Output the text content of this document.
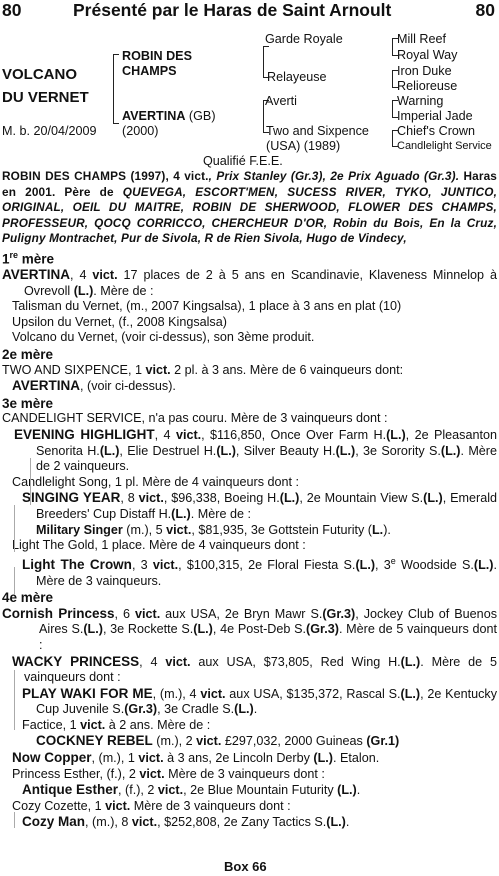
80	Présenté par le Haras de Saint Arnoult	80
VOLCANO
DU VERNET
M. b. 20/04/2009
ROBIN DES CHAMPS
AVERTINA (GB)
(2000)
Garde Royale
Relayeuse
Averti
Two and Sixpence
(USA) (1989)
Mill Reef
Royal Way
Iron Duke
Relioreuse
Warning
Imperial Jade
Chief's Crown
Candlelight Service
Qualifié F.E.E.

ROBIN DES CHAMPS (1997), 4 vict., Prix Stanley (Gr.3), 2e Prix Aguado (Gr.3). Haras en 2001. Père de QUEVEGA, ESCORT'MEN, SUCESS RIVER, TYKO, JUNTICO, ORIGINAL, OEIL DU MAITRE, ROBIN DE SHERWOOD, FLOWER DES CHAMPS, PROFESSEUR, QOCQ CORRICCO, CHERCHEUR D'OR, Robin du Bois, En la Cruz, Puligny Montrachet, Pur de Sivola, R de Rien Sivola, Hugo de Vindecy,

1re mère

AVERTINA, 4 vict. 17 places de 2 à 5 ans en Scandinavie, Klaveness Minnelop à Ovrevoll (L.). Mère de :

Talisman du Vernet, (m., 2007 Kingsalsa), 1 place à 3 ans en plat (10)

Upsilon du Vernet, (f., 2008 Kingsalsa)

Volcano du Vernet, (voir ci-dessus), son 3ème produit.

2e mère

TWO AND SIXPENCE, 1 vict. 2 pl. à 3 ans. Mère de 6 vainqueurs dont:

AVERTINA, (voir ci-dessus).

3e mère

CANDELIGHT SERVICE, n'a pas couru. Mère de 3 vainqueurs dont :

EVENING HIGHLIGHT, 4 vict., $116,850, Once Over Farm H.(L.), 2e Pleasanton Senorita H.(L.), Elie Destruel H.(L.), Silver Beauty H.(L.), 3e Sorority S.(L.). Mère de 2 vainqueurs.

Candlelight Song, 1 pl. Mère de 4 vainqueurs dont :

SINGING YEAR, 8 vict., $96,338, Boeing H.(L.), 2e Mountain View S.(L.), Emerald Breeders' Cup Distaff H.(L.). Mère de :

Military Singer (m.), 5 vict., $81,935, 3e Gottstein Futurity (L.).

Light The Gold, 1 place. Mère de 4 vainqueurs dont :

Light The Crown, 3 vict., $100,315, 2e Floral Fiesta S.(L.), 3e Woodside S.(L.). Mère de 3 vainqueurs.

4e mère

Cornish Princess, 6 vict. aux USA, 2e Bryn Mawr S.(Gr.3), Jockey Club of Buenos Aires S.(L.), 3e Rockette S.(L.), 4e Post-Deb S.(Gr.3). Mère de 5 vainqueurs dont :

WACKY PRINCESS, 4 vict. aux USA, $73,805, Red Wing H.(L.). Mère de 5 vainqueurs dont :

PLAY WAKI FOR ME, (m.), 4 vict. aux USA, $135,372, Rascal S.(L.), 2e Kentucky Cup Juvenile S.(Gr.3), 3e Cradle S.(L.).

Factice, 1 vict. à 2 ans. Mère de :

COCKNEY REBEL (m.), 2 vict. £297,032, 2000 Guineas (Gr.1)

Now Copper, (m.), 1 vict. à 3 ans, 2e Lincoln Derby (L.). Etalon.

Princess Esther, (f.), 2 vict. Mère de 3 vainqueurs dont :

Antique Esther, (f.), 2 vict., 2e Blue Mountain Futurity (L.).

Cozy Cozette, 1 vict. Mère de 3 vainqueurs dont :

Cozy Man, (m.), 8 vict., $252,808, 2e Zany Tactics S.(L.).

Box 66
